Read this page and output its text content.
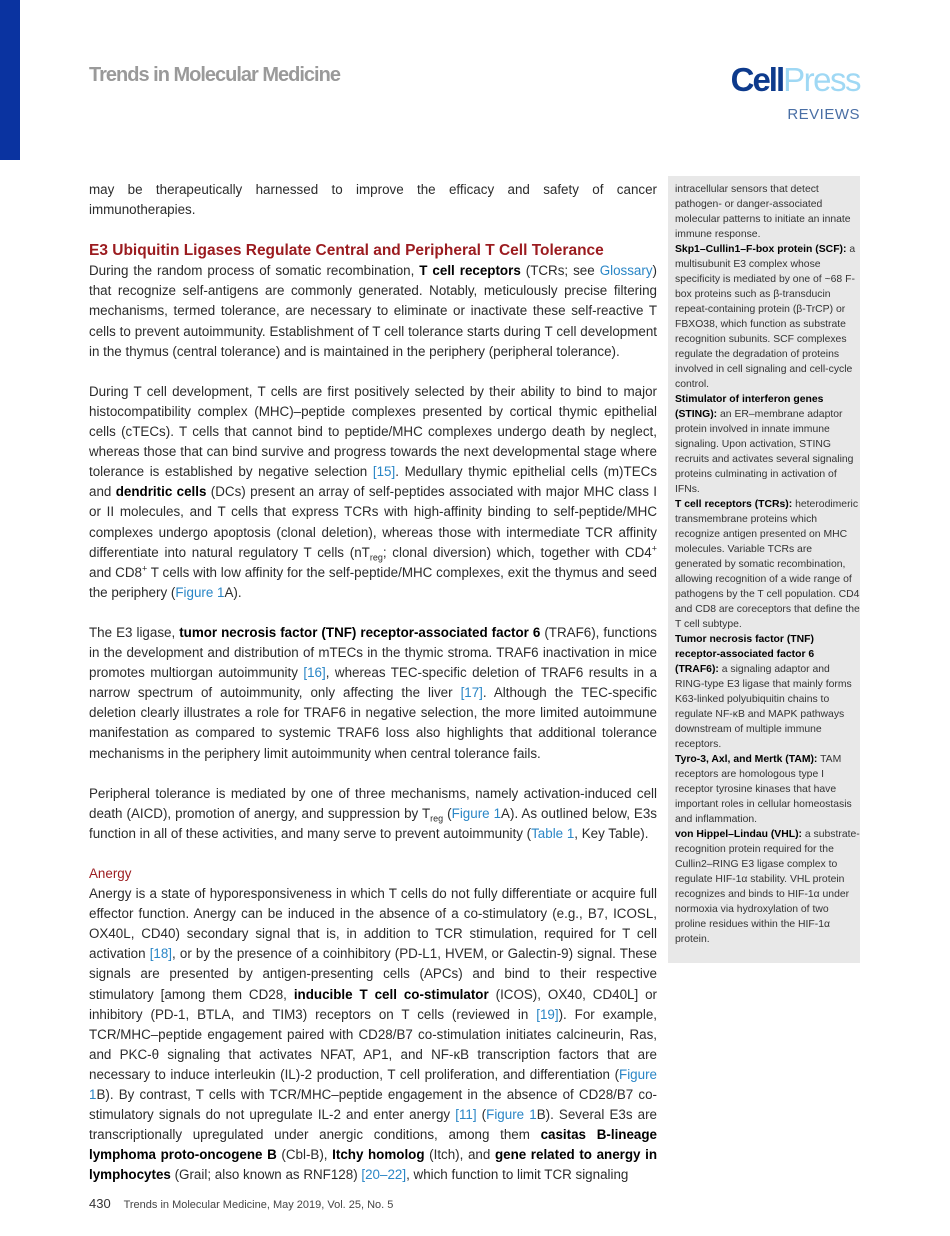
Trends in Molecular Medicine	CellPress
REVIEWS

may be therapeutically harnessed to improve the efficacy and safety of cancer immunotherapies.

E3 Ubiquitin Ligases Regulate Central and Peripheral T Cell Tolerance

During the random process of somatic recombination, T cell receptors (TCRs; see Glossary) that recognize self-antigens are commonly generated. Notably, meticulously precise filtering mechanisms, termed tolerance, are necessary to eliminate or inactivate these self-reactive T cells to prevent autoimmunity. Establishment of T cell tolerance starts during T cell development in the thymus (central tolerance) and is maintained in the periphery (peripheral tolerance).

During T cell development, T cells are first positively selected by their ability to bind to major histocompatibility complex (MHC)–peptide complexes presented by cortical thymic epithelial cells (cTECs). T cells that cannot bind to peptide/MHC complexes undergo death by neglect, whereas those that can bind survive and progress towards the next developmental stage where tolerance is established by negative selection [15]. Medullary thymic epithelial cells (m)TECs and dendritic cells (DCs) present an array of self-peptides associated with major MHC class I or II molecules, and T cells that express TCRs with high-affinity binding to self-peptide/MHC complexes undergo apoptosis (clonal deletion), whereas those with intermediate TCR affinity differentiate into natural regulatory T cells ($nT_{reg}$; clonal diversion) which, together with CD4+ and CD8+ T cells with low affinity for the self-peptide/MHC complexes, exit the thymus and seed the periphery (Figure 1A).

The E3 ligase, tumor necrosis factor (TNF) receptor-associated factor 6 (TRAF6), functions in the development and distribution of mTECs in the thymic stroma. TRAF6 inactivation in mice promotes multiorgan autoimmunity [16], whereas TEC-specific deletion of TRAF6 results in a narrow spectrum of autoimmunity, only affecting the liver [17]. Although the TEC-specific deletion clearly illustrates a role for TRAF6 in negative selection, the more limited autoimmune manifestation as compared to systemic TRAF6 loss also highlights that additional tolerance mechanisms in the periphery limit autoimmunity when central tolerance fails.

Peripheral tolerance is mediated by one of three mechanisms, namely activation-induced cell death (AICD), promotion of anergy, and suppression by $T_{reg}$ (Figure 1A). As outlined below, E3s function in all of these activities, and many serve to prevent autoimmunity (Table 1, Key Table).

Anergy

Anergy is a state of hyporesponsiveness in which T cells do not fully differentiate or acquire full effector function. Anergy can be induced in the absence of a co-stimulatory (e.g., B7, ICOSL, OX40L, CD40) secondary signal that is, in addition to TCR stimulation, required for T cell activation [18], or by the presence of a coinhibitory (PD-L1, HVEM, or Galectin-9) signal. These signals are presented by antigen-presenting cells (APCs) and bind to their respective stimulatory [among them CD28, inducible T cell co-stimulator (ICOS), OX40, CD40L] or inhibitory (PD-1, BTLA, and TIM3) receptors on T cells (reviewed in [19]). For example, TCR/MHC–peptide engagement paired with CD28/B7 co-stimulation initiates calcineurin, Ras, and PKC-θ signaling that activates NFAT, AP1, and NF-κB transcription factors that are necessary to induce interleukin (IL)-2 production, T cell proliferation, and differentiation (Figure 1B). By contrast, T cells with TCR/MHC–peptide engagement in the absence of CD28/B7 co-stimulatory signals do not upregulate IL-2 and enter anergy [11] (Figure 1B). Several E3s are transcriptionally upregulated under anergic conditions, among them casitas B-lineage lymphoma proto-oncogene B (Cbl-B), Itchy homolog (Itch), and gene related to anergy in lymphocytes (Grail; also known as RNF128) [20–22], which function to limit TCR signaling

intracellular sensors that detect pathogen- or danger-associated molecular patterns to initiate an innate immune response.

Skp1–Cullin1–F-box protein (SCF): a multisubunit E3 complex whose specificity is mediated by one of ~68 F-box proteins such as β-transducin repeat-containing protein (β-TrCP) or FBXO38, which function as substrate recognition subunits. SCF complexes regulate the degradation of proteins involved in cell signaling and cell-cycle control.

Stimulator of interferon genes (STING): an ER–membrane adaptor protein involved in innate immune signaling. Upon activation, STING recruits and activates several signaling proteins culminating in activation of IFNs.

T cell receptors (TCRs): heterodimeric transmembrane proteins which recognize antigen presented on MHC molecules. Variable TCRs are generated by somatic recombination, allowing recognition of a wide range of pathogens by the T cell population. CD4 and CD8 are coreceptors that define the T cell subtype.

Tumor necrosis factor (TNF) receptor-associated factor 6 (TRAF6): a signaling adaptor and RING-type E3 ligase that mainly forms K63-linked polyubiquitin chains to regulate NF-κB and MAPK pathways downstream of multiple immune receptors.

Tyro-3, Axl, and Mertk (TAM): TAM receptors are homologous type I receptor tyrosine kinases that have important roles in cellular homeostasis and inflammation.

von Hippel–Lindau (VHL): a substrate-recognition protein required for the Cullin2–RING E3 ligase complex to regulate HIF-1α stability. VHL protein recognizes and binds to HIF-1α under normoxia via hydroxylation of two proline residues within the HIF-1α protein.

430 Trends in Molecular Medicine, May 2019, Vol. 25, No. 5
